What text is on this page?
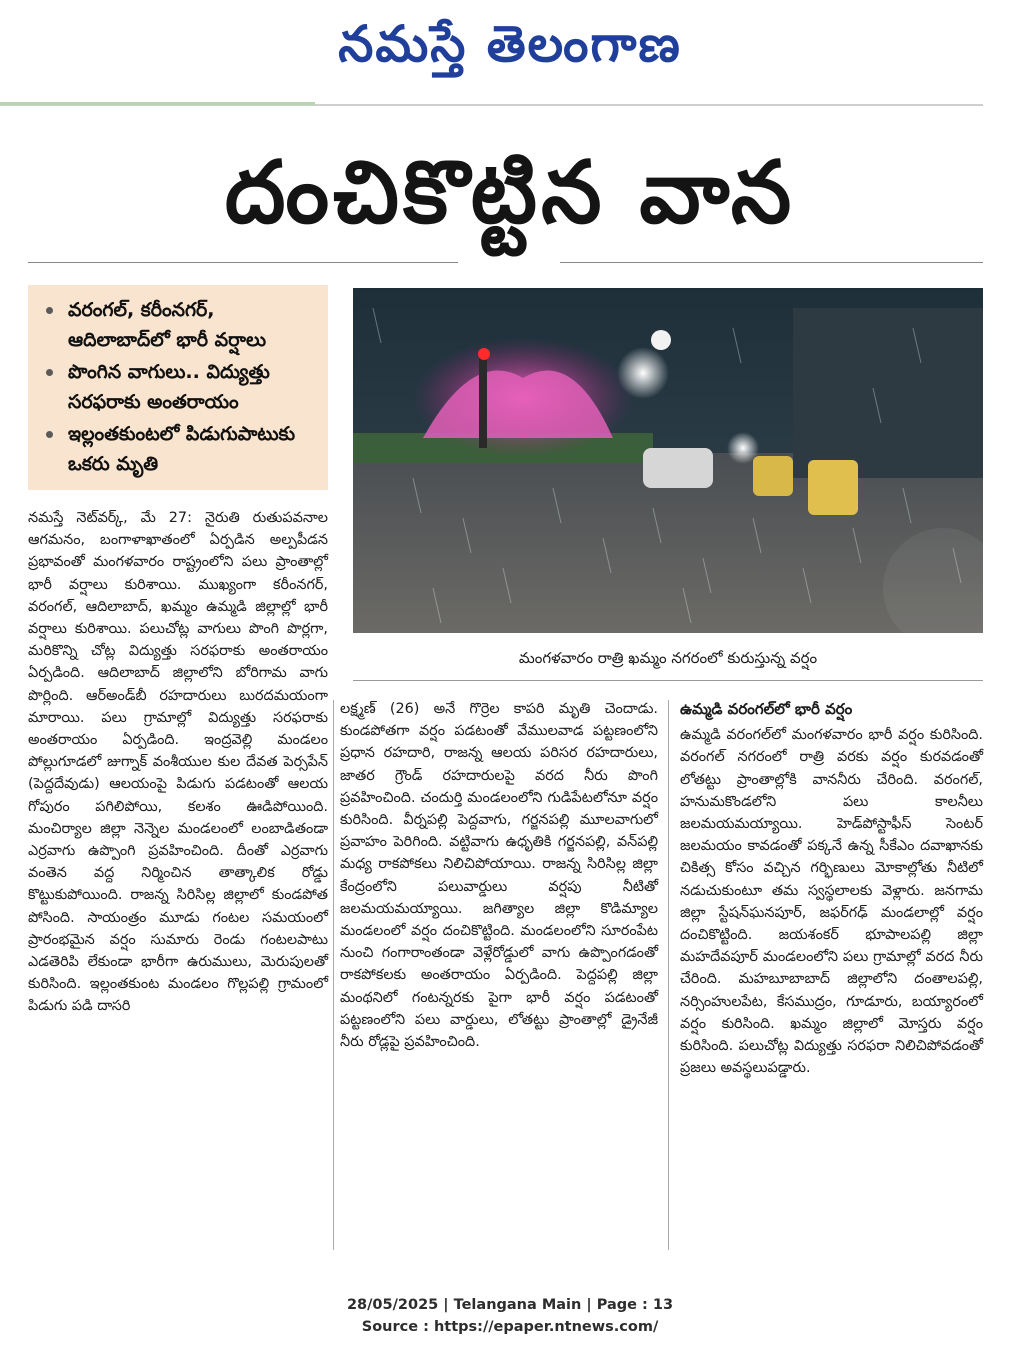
నమస్తే తెలంగాణ
దంచికొట్టిన వాన
వరంగల్, కరీంనగర్, ఆదిలాబాద్‌లో భారీ వర్షాలు
పొంగిన వాగులు.. విద్యుత్తు సరఫరాకు అంతరాయం
ఇల్లంతకుంటలో పిడుగుపాటుకు ఒకరు మృతి
మంగళవారం రాత్రి ఖమ్మం నగరంలో కురుస్తున్న వర్షం

నమస్తే నెట్‌వర్క్, మే 27: నైరుతి రుతుపవనాల ఆగమనం, బంగాళాఖాతంలో ఏర్పడిన అల్పపీడన ప్రభావంతో మంగళవారం రాష్ట్రంలోని పలు ప్రాంతాల్లో భారీ వర్షాలు కురిశాయి. ముఖ్యంగా కరీంనగర్, వరంగల్, ఆదిలాబాద్, ఖమ్మం ఉమ్మడి జిల్లాల్లో భారీ వర్షాలు కురిశాయి. పలుచోట్ల వాగులు పొంగి పొర్లగా, మరికొన్ని చోట్ల విద్యుత్తు సరఫరాకు అంతరాయం ఏర్పడింది. ఆదిలాబాద్ జిల్లాలోని బోరిగామ వాగు పొర్లింది. ఆర్అండ్‌బీ రహదారులు బురదమయంగా మారాయి. పలు గ్రామాల్లో విద్యుత్తు సరఫరాకు అంతరాయం ఏర్పడింది. ఇంద్రవెల్లి మండలం పోల్లుగూడలో జుగ్నాక్ వంశీయుల కుల దేవత పెర్సపేన్ (పెద్దదేవుడు) ఆలయంపై పిడుగు పడటంతో ఆలయ గోపురం పగిలిపోయి, కలశం ఊడిపోయింది. మంచిర్యాల జిల్లా నెన్నెల మండలంలో లంబాడితండా ఎర్రవాగు ఉప్పొంగి ప్రవహించింది. దీంతో ఎర్రవాగు వంతెన వద్ద నిర్మించిన తాత్కాలిక రోడ్డు కొట్టుకుపోయింది. రాజన్న సిరిసిల్ల జిల్లాలో కుండపోత పోసింది. సాయంత్రం మూడు గంటల సమయంలో ప్రారంభమైన వర్షం సుమారు రెండు గంటలపాటు ఎడతెరిపి లేకుండా భారీగా ఉరుములు, మెరుపులతో కురిసింది. ఇల్లంతకుంట మండలం గొల్లపల్లి గ్రామంలో పిడుగు పడి దాసరి

లక్ష్మణ్ (26) అనే గొర్రెల కాపరి మృతి చెందాడు. కుండపోతగా వర్షం పడటంతో వేములవాడ పట్టణంలోని ప్రధాన రహదారి, రాజన్న ఆలయ పరిసర రహదారులు, జాతర గ్రౌండ్ రహదారులపై వరద నీరు పొంగి ప్రవహించింది. చందుర్తి మండలంలోని గుడిపేటలోనూ వర్షం కురిసింది. వీర్నపల్లి పెద్దవాగు, గర్జనపల్లి మూలవాగులో ప్రవాహం పెరిగింది. వట్టివాగు ఉధృతికి గర్జనపల్లి, వన్‌పల్లి మధ్య రాకపోకలు నిలిచిపోయాయి. రాజన్న సిరిసిల్ల జిల్లా కేంద్రంలోని పలువార్డులు వర్షపు నీటితో జలమయమయ్యాయి. జగిత్యాల జిల్లా కొడిమ్యాల మండలంలో వర్షం దంచికొట్టింది. మండలంలోని సూరంపేట నుంచి గంగారాంతండా వెళ్లేరోడ్డులో వాగు ఉప్పొంగడంతో రాకపోకలకు అంతరాయం ఏర్పడింది. పెద్దపల్లి జిల్లా మంథనిలో గంటన్నరకు పైగా భారీ వర్షం పడటంతో పట్టణంలోని పలు వార్డులు, లోతట్టు ప్రాంతాల్లో డ్రైనేజీ నీరు రోడ్లపై ప్రవహించింది.

ఉమ్మడి వరంగల్‌లో భారీ వర్షం

ఉమ్మడి వరంగల్‌లో మంగళవారం భారీ వర్షం కురిసింది. వరంగల్ నగరంలో రాత్రి వరకు వర్షం కురవడంతో లోతట్టు ప్రాంతాల్లోకి వాననీరు చేరింది. వరంగల్, హనుమకొండలోని పలు కాలనీలు జలమయమయ్యాయి. హెడ్‌పోస్టాఫీస్ సెంటర్ జలమయం కావడంతో పక్కనే ఉన్న సీకేఎం దవాఖానకు చికిత్స కోసం వచ్చిన గర్భిణులు మోకాల్లోతు నీటిలో నడుచుకుంటూ తమ స్వస్థలాలకు వెళ్లారు. జనగామ జిల్లా స్టేషన్‌ఘనపూర్, జఫర్‌గఢ్ మండలాల్లో వర్షం దంచికొట్టింది. జయశంకర్ భూపాలపల్లి జిల్లా మహదేవపూర్ మండలంలోని పలు గ్రామాల్లో వరద నీరు చేరింది. మహబూబాబాద్ జిల్లాలోని దంతాలపల్లి, నర్సింహులపేట, కేసముద్రం, గూడూరు, బయ్యారంలో వర్షం కురిసింది. ఖమ్మం జిల్లాలో మోస్తరు వర్షం కురిసింది. పలుచోట్ల విద్యుత్తు సరఫరా నిలిచిపోవడంతో ప్రజలు అవస్థలుపడ్డారు.

28/05/2025 | Telangana Main | Page : 13
Source : https://epaper.ntnews.com/
